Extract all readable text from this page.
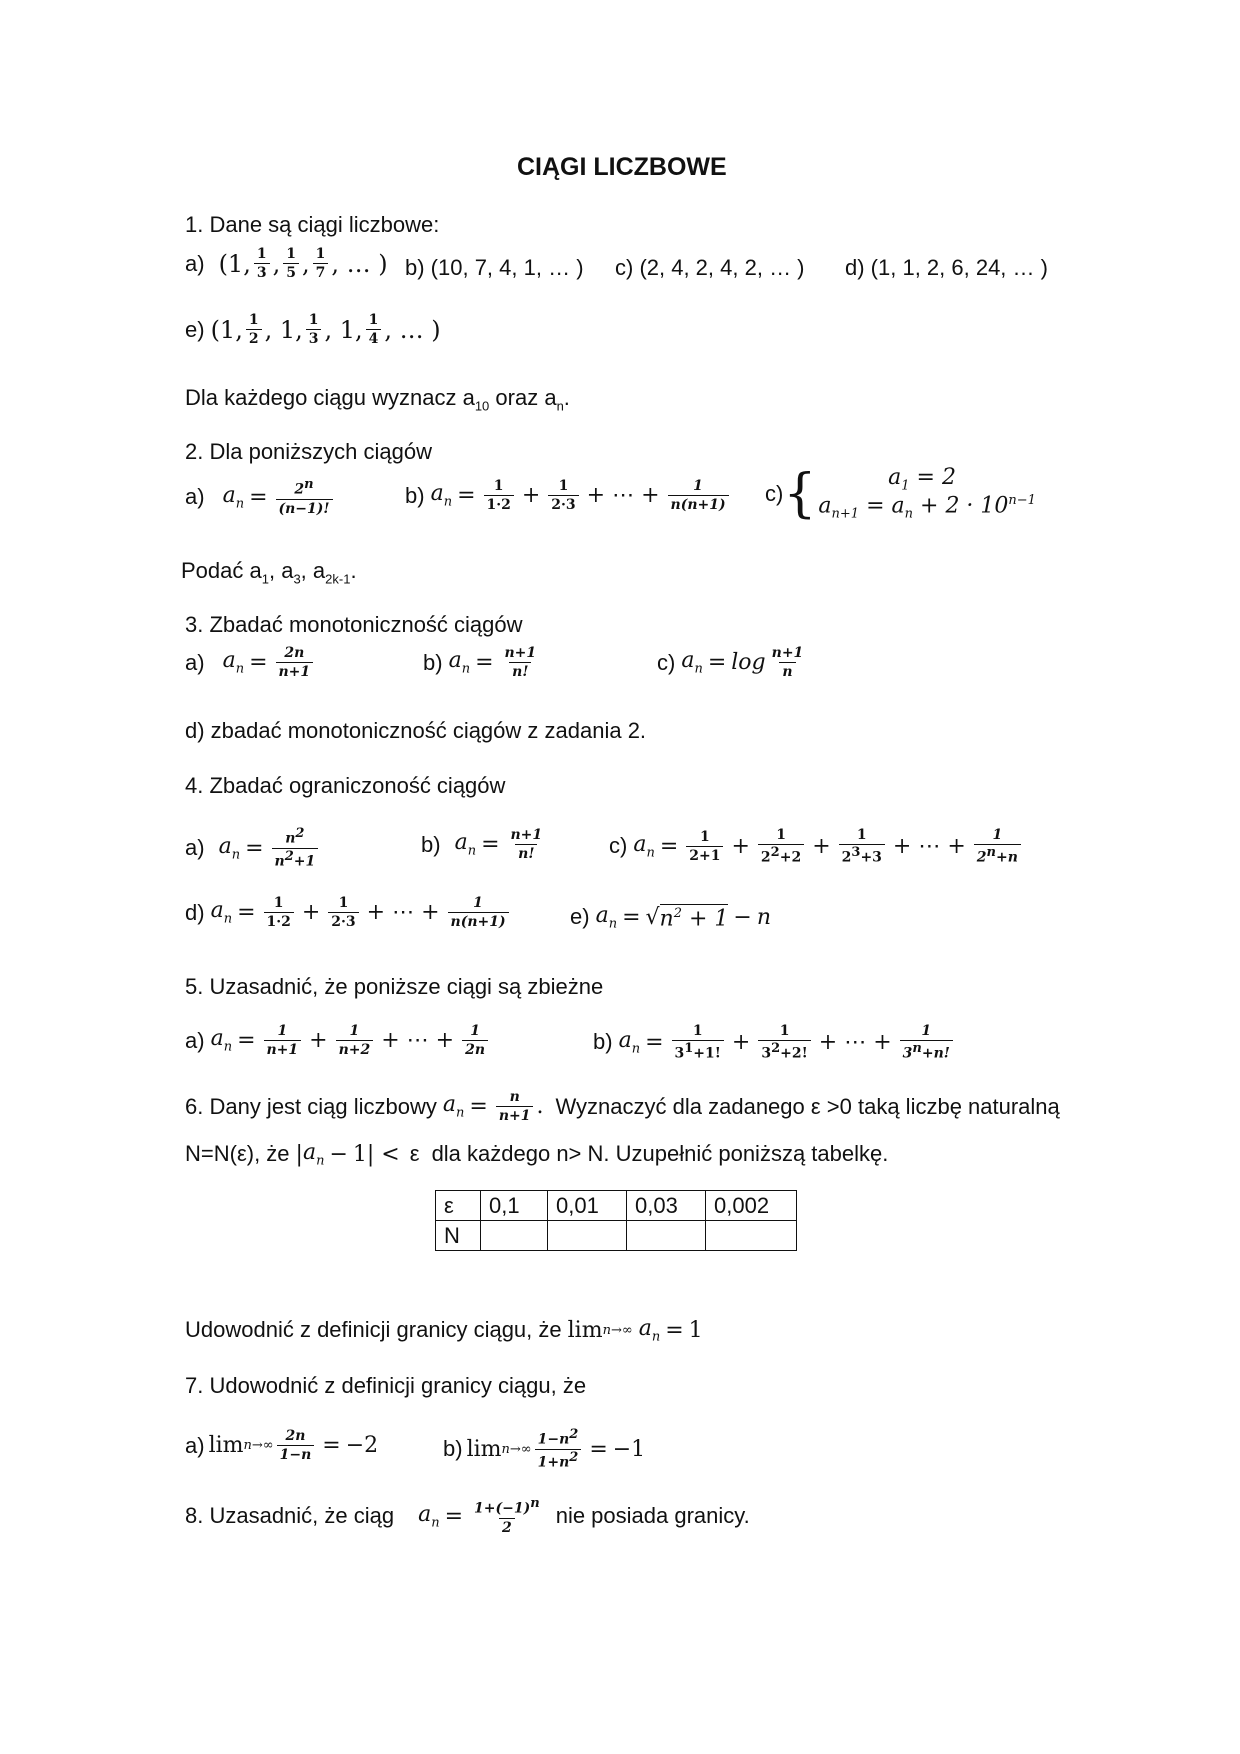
CIĄGI LICZBOWE
1. Dane są ciągi liczbowe:
a) (1, $\frac{1}{3}$ , $\frac{1}{5}$ , $\frac{1}{7}$ , … ) b) (10, 7, 4, 1, … ) c) (2, 4, 2, 4, 2, … ) d) (1, 1, 2, 6, 24, … )
e) (1, $\frac{1}{2}$ , 1, $\frac{1}{3}$ , 1, $\frac{1}{4}$ , … )
Dla każdego ciągu wyznacz $a_{10}$ oraz $a_n$.
2. Dla poniższych ciągów
a) $a_n = \frac{2^n}{(n-1)!}$	b) $a_n = \frac{1}{1\cdot 2} + \frac{1}{2\cdot 3}$ + ⋯ + $\frac{1}{n(n+1)} c$) {	$a_1 = 2$
$a_{n+1} = a_n + 2 \cdot 10^{n-1}$
Podać $a_1$, $a_3$, $a_{2k-1}$.
3. Zbadać monotoniczność ciągów
a) $a_n = \frac{2n}{n+1}$	b) $a_n = \frac{n+1}{n!}$	c) $a_n = \log \frac{n+1}{n}$
d) zbadać monotoniczność ciągów z zadania 2.
4. Zbadać ograniczoność ciągów
a) $a_n = \frac{n^2}{n^2+1}$	b) $a_n = \frac{n+1}{n!}$	c) $a_n = \frac{1}{2+1} + \frac{1}{2^2+2} + \frac{1}{2^3+3}$ + ⋯ + $\frac{1}{2^n+n}$
d) $a_n = \frac{1}{1\cdot 2} + \frac{1}{2\cdot 3}$ + ⋯ + $\frac{1}{n(n+1)}$	e) $a_n$ = √ $n^2 + 1 - n$
5. Uzasadnić, że poniższe ciągi są zbieżne
a) $a_n = \frac{1}{n+1} + \frac{1}{n+2}$ + ⋯ + $\frac{1}{2n}$	b) $a_n = \frac{1}{3^1+1!} + \frac{1}{3^2+2!}$ + ⋯ + $\frac{1}{3^n+n!}$
6. Dany jest ciąg liczbowy $a_n = \frac{n}{n+1}$ . Wyznaczyć dla zadanego ε >0 taką liczbę naturalną
N=N(ε), że | $a_n - 1| < \varepsilon$ dla każdego n> N. Uzupełnić poniższą tabelkę.
ε	0,1	0,01	0,03	0,002
N				
Udowodnić z definicji granicy ciągu, że lim n→∞ $a_n = 1$
7. Udowodnić z definicji granicy ciągu, że
a) $\lim n\to\infty \frac{2n}{1-n} = -2$	b) $\lim n\to\infty \frac{1-n^2}{1+n^2} = -1$
8. Uzasadnić, że ciąg $a_n = \frac{1+(-1)^n}{2}$ nie posiada granicy.
